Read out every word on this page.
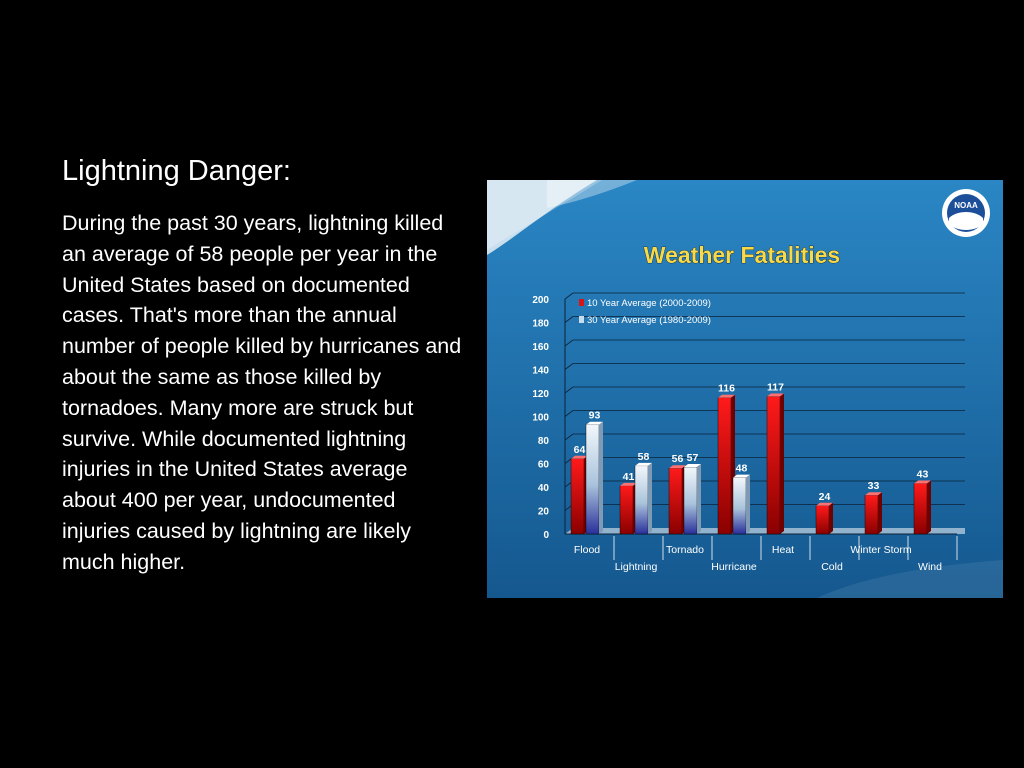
Lightning Danger:
During the past 30 years, lightning killed an average of 58 people per year in the United States based on documented cases. That's more than the annual number of people killed by hurricanes and about the same as those killed by tornadoes. Many more are struck but survive. While documented lightning injuries in the United States average about 400 per year, undocumented injuries caused by lightning are likely much higher.
NOAA
Weather Fatalities
0
20
40
60
80
100
120
140
160
180
200
64
93
Flood
41
58
Lightning
56 57
Tornado
116
48
Hurricane
117
Heat
24
Cold
33
Winter Storm
43
Wind
10 Year Average (2000-2009)
30 Year Average (1980-2009)
